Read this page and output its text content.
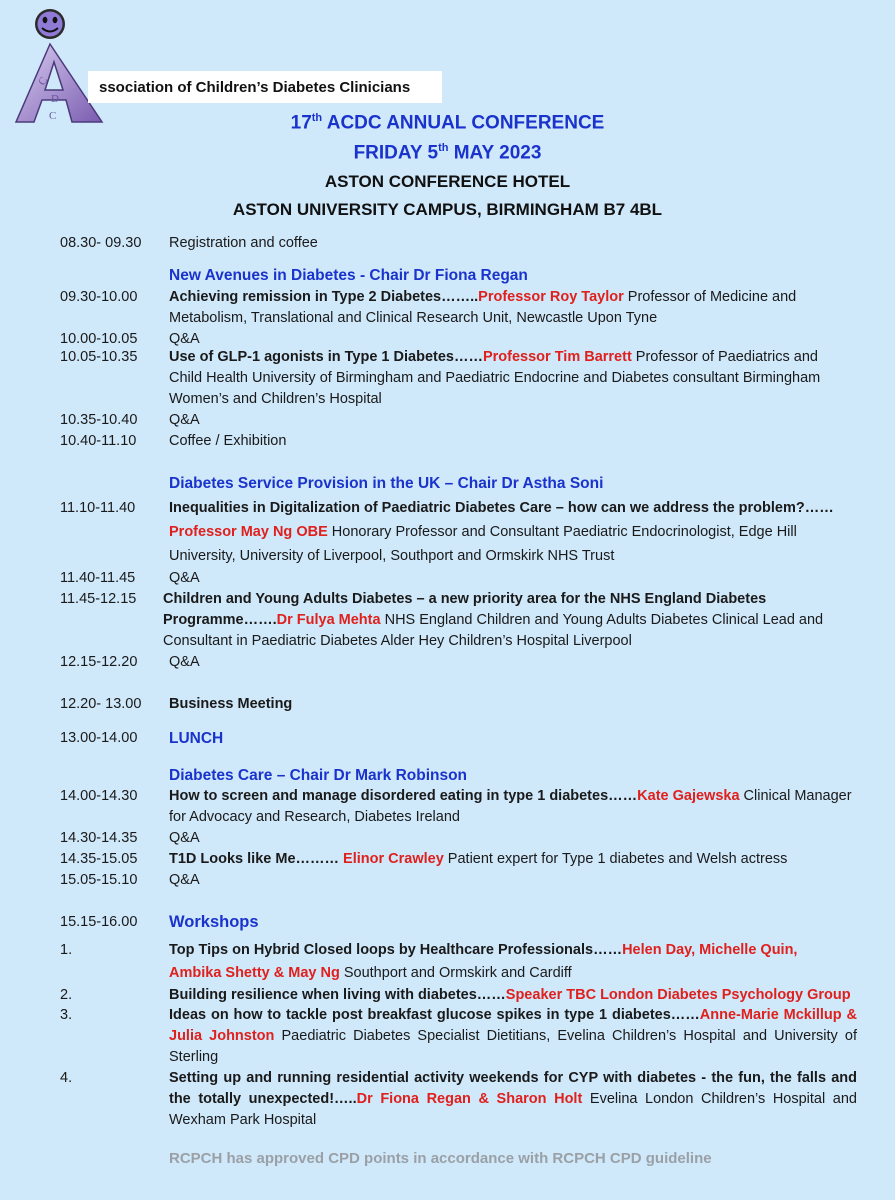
C
D
C
ssociation of Children’s Diabetes Clinicians
17th ACDC ANNUAL CONFERENCE
FRIDAY 5th MAY 2023
ASTON CONFERENCE HOTEL
ASTON UNIVERSITY CAMPUS, BIRMINGHAM B7 4BL
08.30- 09.30 Registration and coffee
New Avenues in Diabetes - Chair Dr Fiona Regan
09.30-10.00 Achieving remission in Type 2 Diabetes……..Professor Roy Taylor Professor of Medicine and Metabolism, Translational and Clinical Research Unit, Newcastle Upon Tyne
10.00-10.05 Q&A
10.05-10.35 Use of GLP-1 agonists in Type 1 Diabetes……Professor Tim Barrett Professor of Paediatrics and Child Health University of Birmingham and Paediatric Endocrine and Diabetes consultant Birmingham Women’s and Children’s Hospital
10.35-10.40 Q&A
10.40-11.10 Coffee / Exhibition
Diabetes Service Provision in the UK – Chair Dr Astha Soni
11.10-11.40 Inequalities in Digitalization of Paediatric Diabetes Care – how can we address the problem?……Professor May Ng OBE Honorary Professor and Consultant Paediatric Endocrinologist, Edge Hill University, University of Liverpool, Southport and Ormskirk NHS Trust
11.40-11.45 Q&A
11.45-12.15 Children and Young Adults Diabetes – a new priority area for the NHS England Diabetes
Programme…….Dr Fulya Mehta NHS England Children and Young Adults Diabetes Clinical Lead and
Consultant in Paediatric Diabetes Alder Hey Children’s Hospital Liverpool
12.15-12.20 Q&A
12.20- 13.00 Business Meeting
13.00-14.00 LUNCH
Diabetes Care – Chair Dr Mark Robinson
14.00-14.30 How to screen and manage disordered eating in type 1 diabetes……Kate Gajewska Clinical Manager for Advocacy and Research, Diabetes Ireland
14.30-14.35 Q&A
14.35-15.05 T1D Looks like Me……… Elinor Crawley Patient expert for Type 1 diabetes and Welsh actress
15.05-15.10 Q&A
15.15-16.00 Workshops
1.	Top Tips on Hybrid Closed loops by Healthcare Professionals……Helen Day, Michelle Quin, Ambika Shetty & May Ng Southport and Ormskirk and Cardiff
2.	Building resilience when living with diabetes……Speaker TBC London Diabetes Psychology Group
3.	Ideas on how to tackle post breakfast glucose spikes in type 1 diabetes……Anne-Marie Mckillup & Julia Johnston Paediatric Diabetes Specialist Dietitians, Evelina Children’s Hospital and University of Sterling
4.	Setting up and running residential activity weekends for CYP with diabetes - the fun, the falls and the totally unexpected!…..Dr Fiona Regan & Sharon Holt Evelina London Children’s Hospital and Wexham Park Hospital
RCPCH has approved CPD points in accordance with RCPCH CPD guideline
